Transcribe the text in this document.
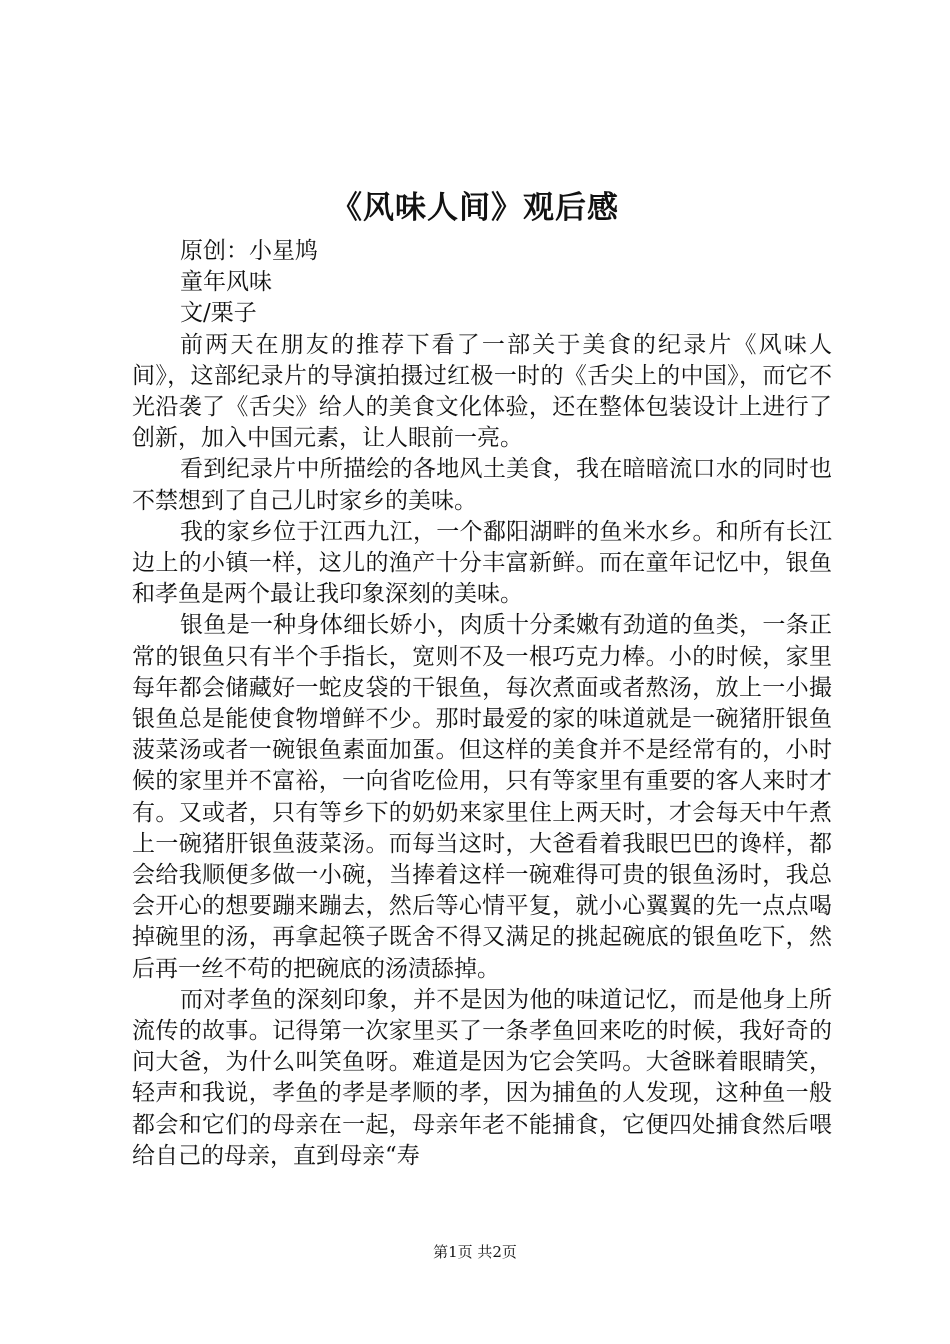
《风味人间》观后感

原创：小星鸠

童年风味

文/栗子

前两天在朋友的推荐下看了一部关于美食的纪录片《风味人间》，这部纪录片的导演拍摄过红极一时的《舌尖上的中国》，而它不光沿袭了《舌尖》给人的美食文化体验，还在整体包装设计上进行了创新，加入中国元素，让人眼前一亮。

看到纪录片中所描绘的各地风土美食，我在暗暗流口水的同时也不禁想到了自己儿时家乡的美味。

我的家乡位于江西九江，一个鄱阳湖畔的鱼米水乡。和所有长江边上的小镇一样，这儿的渔产十分丰富新鲜。而在童年记忆中，银鱼和孝鱼是两个最让我印象深刻的美味。

银鱼是一种身体细长娇小，肉质十分柔嫩有劲道的鱼类，一条正常的银鱼只有半个手指长，宽则不及一根巧克力棒。小的时候，家里每年都会储藏好一蛇皮袋的干银鱼，每次煮面或者熬汤，放上一小撮银鱼总是能使食物增鲜不少。那时最爱的家的味道就是一碗猪肝银鱼菠菜汤或者一碗银鱼素面加蛋。但这样的美食并不是经常有的，小时候的家里并不富裕，一向省吃俭用，只有等家里有重要的客人来时才有。又或者，只有等乡下的奶奶来家里住上两天时，才会每天中午煮上一碗猪肝银鱼菠菜汤。而每当这时，大爸看着我眼巴巴的谗样，都会给我顺便多做一小碗，当捧着这样一碗难得可贵的银鱼汤时，我总会开心的想要蹦来蹦去，然后等心情平复，就小心翼翼的先一点点喝掉碗里的汤，再拿起筷子既舍不得又满足的挑起碗底的银鱼吃下，然后再一丝不苟的把碗底的汤渍舔掉。

而对孝鱼的深刻印象，并不是因为他的味道记忆，而是他身上所流传的故事。记得第一次家里买了一条孝鱼回来吃的时候，我好奇的问大爸，为什么叫笑鱼呀。难道是因为它会笑吗。大爸眯着眼睛笑，轻声和我说，孝鱼的孝是孝顺的孝，因为捕鱼的人发现，这种鱼一般都会和它们的母亲在一起，母亲年老不能捕食，它便四处捕食然后喂给自己的母亲，直到母亲“寿

第1页 共2页
